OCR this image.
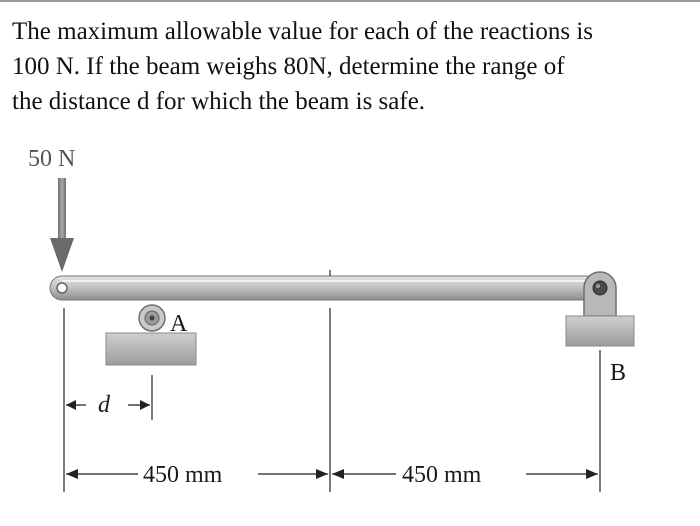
The maximum allowable value for each of the reactions is
100 N. If the beam weighs 80N, determine the range of
the distance d for which the beam is safe.
50 N
A
B
d
450 mm	450 mm
